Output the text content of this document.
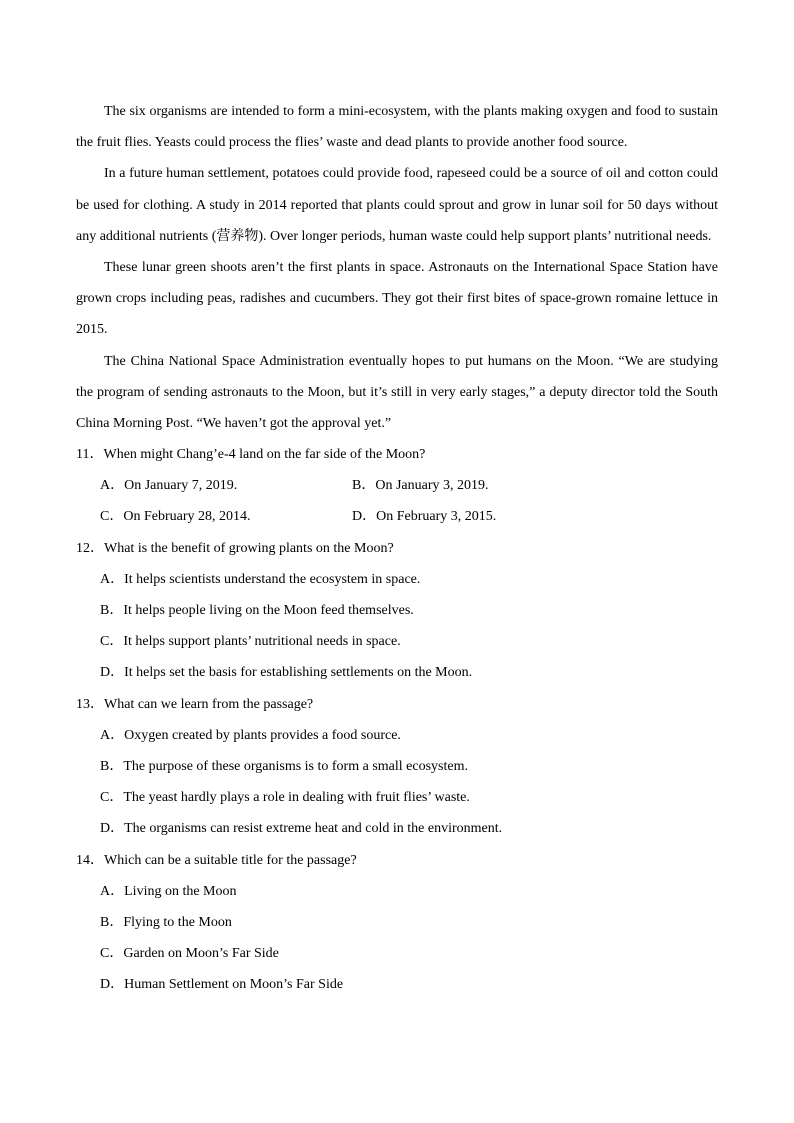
The six organisms are intended to form a mini-ecosystem, with the plants making oxygen and food to sustain
the fruit flies. Yeasts could process the flies’ waste and dead plants to provide another food source.
In a future human settlement, potatoes could provide food, rapeseed could be a source of oil and cotton could
be used for clothing. A study in 2014 reported that plants could sprout and grow in lunar soil for 50 days without
any additional nutrients (营养物). Over longer periods, human waste could help support plants’ nutritional needs.
These lunar green shoots aren’t the first plants in space. Astronauts on the International Space Station have
grown crops including peas, radishes and cucumbers. They got their first bites of space-grown romaine lettuce in
2015.
The China National Space Administration eventually hopes to put humans on the Moon. “We are studying
the program of sending astronauts to the Moon, but it’s still in very early stages,” a deputy director told the South
China Morning Post. “We haven’t got the approval yet.”
11．When might Chang’e-4 land on the far side of the Moon?
A．On January 7, 2019.	B．On January 3, 2019.
C．On February 28, 2014.	D．On February 3, 2015.
12．What is the benefit of growing plants on the Moon?
A．It helps scientists understand the ecosystem in space.
B．It helps people living on the Moon feed themselves.
C．It helps support plants’ nutritional needs in space.
D．It helps set the basis for establishing settlements on the Moon.
13．What can we learn from the passage?
A．Oxygen created by plants provides a food source.
B．The purpose of these organisms is to form a small ecosystem.
C．The yeast hardly plays a role in dealing with fruit flies’ waste.
D．The organisms can resist extreme heat and cold in the environment.
14．Which can be a suitable title for the passage?
A．Living on the Moon
B．Flying to the Moon
C．Garden on Moon’s Far Side
D．Human Settlement on Moon’s Far Side
